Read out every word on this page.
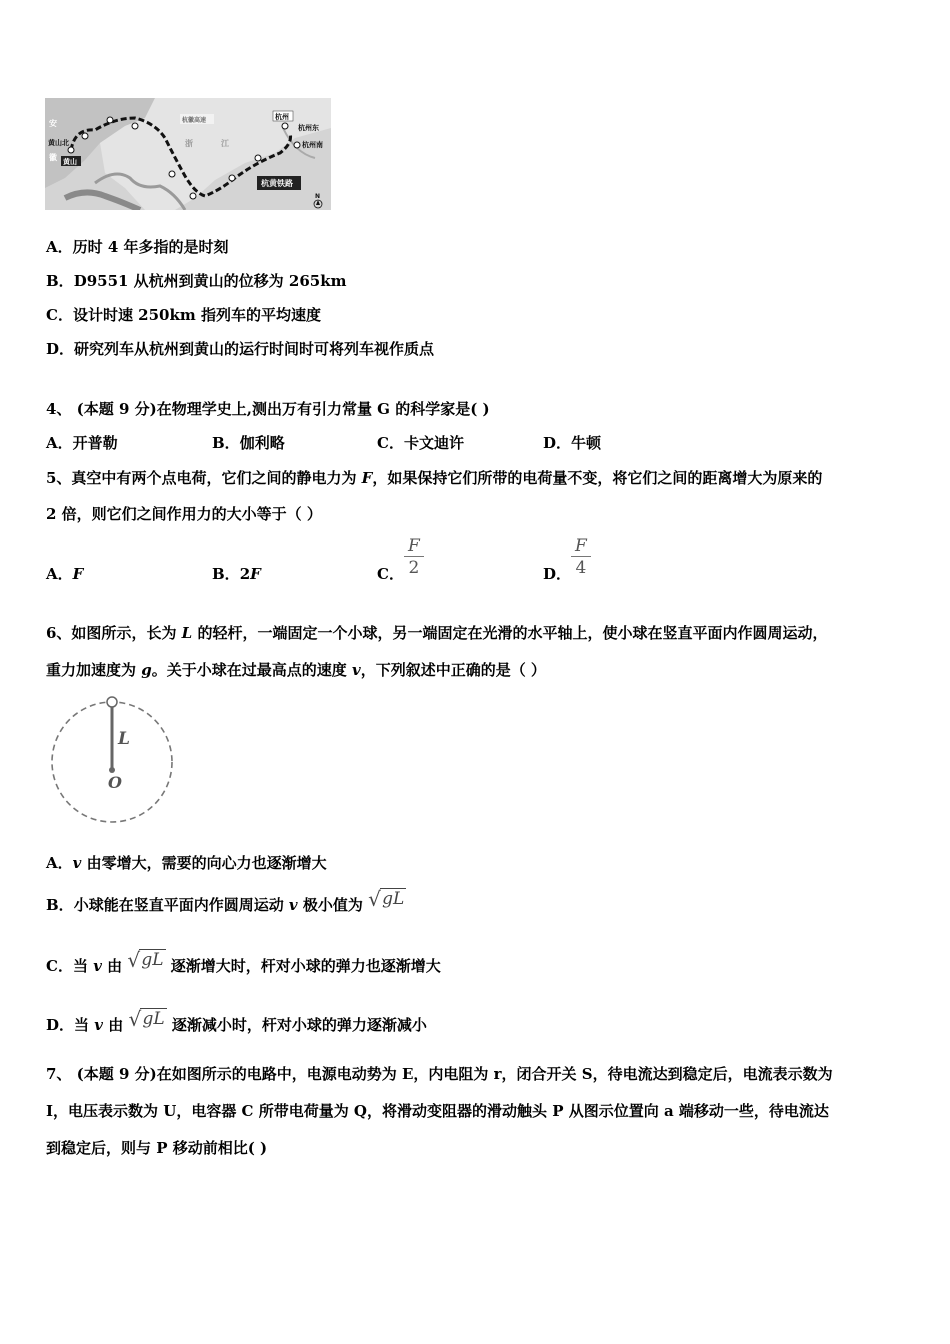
安
黄山北
徽 黄山
杭徽高速
浙	江
杭州
杭州东
杭州南
杭黄铁路
N
A．历时 4 年多指的是时刻
B．D9551 从杭州到黄山的位移为 265km
C．设计时速 250km 指列车的平均速度
D．研究列车从杭州到黄山的运行时间时可将列车视作质点
4、 (本题 9 分)在物理学史上,测出万有引力常量 G 的科学家是( )
A．开普勒	B．伽利略	C．卡文迪许	D．牛顿
5、真空中有两个点电荷，它们之间的静电力为 F，如果保持它们所带的电荷量不变，将它们之间的距离增大为原来的
2 倍，则它们之间作用力的大小等于（ ）
A．F	B．2F	C． $\frac{F}{2}$	D． $\frac{F}{4}$
6、如图所示，长为 L 的轻杆，一端固定一个小球，另一端固定在光滑的水平轴上，使小球在竖直平面内作圆周运动，
重力加速度为 g。关于小球在过最高点的速度 v，下列叙述中正确的是（ ）
L
O
A．v 由零增大，需要的向心力也逐渐增大
B．小球能在竖直平面内作圆周运动 v 极小值为 √ gL
C．当 v 由 √ gL 逐渐增大时，杆对小球的弹力也逐渐增大
D．当 v 由 √ gL 逐渐减小时，杆对小球的弹力逐渐减小
7、 (本题 9 分)在如图所示的电路中，电源电动势为 E，内电阻为 r，闭合开关 S，待电流达到稳定后，电流表示数为
I，电压表示数为 U，电容器 C 所带电荷量为 Q，将滑动变阻器的滑动触头 P 从图示位置向 a 端移动一些，待电流达
到稳定后，则与 P 移动前相比( )
